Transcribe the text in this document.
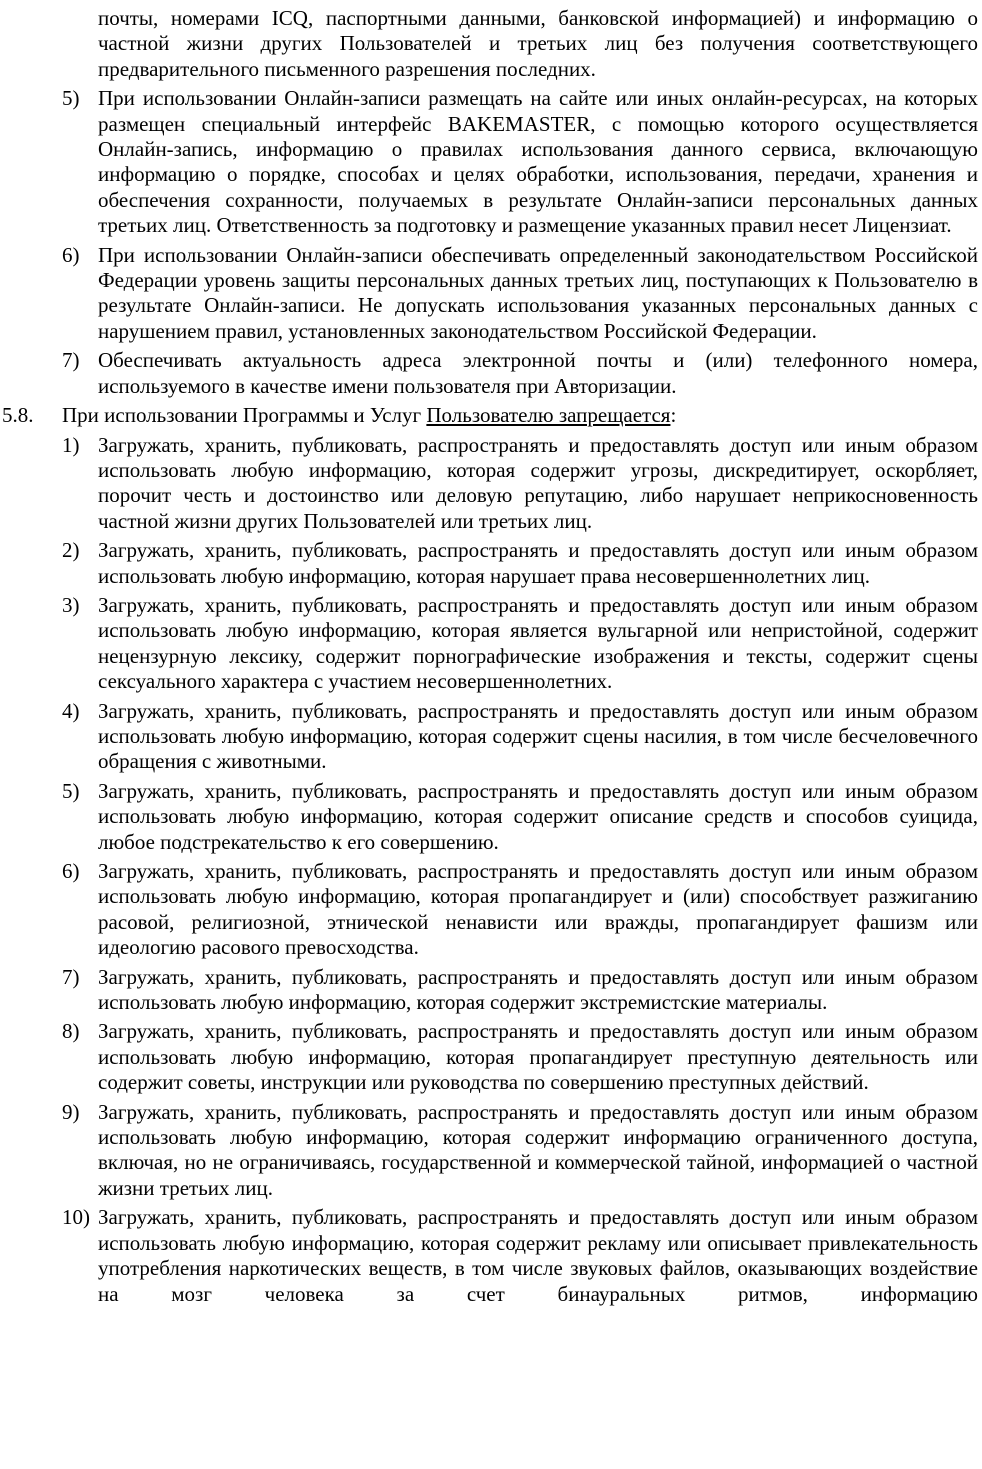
почты, номерами ICQ, паспортными данными, банковской информацией) и информацию о частной жизни других Пользователей и третьих лиц без получения соответствующего предварительного письменного разрешения последних.

5) При использовании Онлайн-записи размещать на сайте или иных онлайн-ресурсах, на которых размещен специальный интерфейс BAKEMASTER, с помощью которого осуществляется Онлайн-запись, информацию о правилах использования данного сервиса, включающую информацию о порядке, способах и целях обработки, использования, передачи, хранения и обеспечения сохранности, получаемых в результате Онлайн-записи персональных данных третьих лиц. Ответственность за подготовку и размещение указанных правил несет Лицензиат.
6) При использовании Онлайн-записи обеспечивать определенный законодательством Российской Федерации уровень защиты персональных данных третьих лиц, поступающих к Пользователю в результате Онлайн-записи. Не допускать использования указанных персональных данных с нарушением правил, установленных законодательством Российской Федерации.
7) Обеспечивать актуальность адреса электронной почты и (или) телефонного номера, используемого в качестве имени пользователя при Авторизации.
5.8. При использовании Программы и Услуг Пользователю запрещается:
1) Загружать, хранить, публиковать, распространять и предоставлять доступ или иным образом использовать любую информацию, которая содержит угрозы, дискредитирует, оскорбляет, порочит честь и достоинство или деловую репутацию, либо нарушает неприкосновенность частной жизни других Пользователей или третьих лиц.
2) Загружать, хранить, публиковать, распространять и предоставлять доступ или иным образом использовать любую информацию, которая нарушает права несовершеннолетних лиц.
3) Загружать, хранить, публиковать, распространять и предоставлять доступ или иным образом использовать любую информацию, которая является вульгарной или непристойной, содержит нецензурную лексику, содержит порнографические изображения и тексты, содержит сцены сексуального характера с участием несовершеннолетних.
4) Загружать, хранить, публиковать, распространять и предоставлять доступ или иным образом использовать любую информацию, которая содержит сцены насилия, в том числе бесчеловечного обращения с животными.
5) Загружать, хранить, публиковать, распространять и предоставлять доступ или иным образом использовать любую информацию, которая содержит описание средств и способов суицида, любое подстрекательство к его совершению.
6) Загружать, хранить, публиковать, распространять и предоставлять доступ или иным образом использовать любую информацию, которая пропагандирует и (или) способствует разжиганию расовой, религиозной, этнической ненависти или вражды, пропагандирует фашизм или идеологию расового превосходства.
7) Загружать, хранить, публиковать, распространять и предоставлять доступ или иным образом использовать любую информацию, которая содержит экстремистские материалы.
8) Загружать, хранить, публиковать, распространять и предоставлять доступ или иным образом использовать любую информацию, которая пропагандирует преступную деятельность или содержит советы, инструкции или руководства по совершению преступных действий.
9) Загружать, хранить, публиковать, распространять и предоставлять доступ или иным образом использовать любую информацию, которая содержит информацию ограниченного доступа, включая, но не ограничиваясь, государственной и коммерческой тайной, информацией о частной жизни третьих лиц.
10) Загружать, хранить, публиковать, распространять и предоставлять доступ или иным образом использовать любую информацию, которая содержит рекламу или описывает привлекательность употребления наркотических веществ, в том числе звуковых файлов, оказывающих воздействие на мозг человека за счет бинауральных ритмов, информацию
